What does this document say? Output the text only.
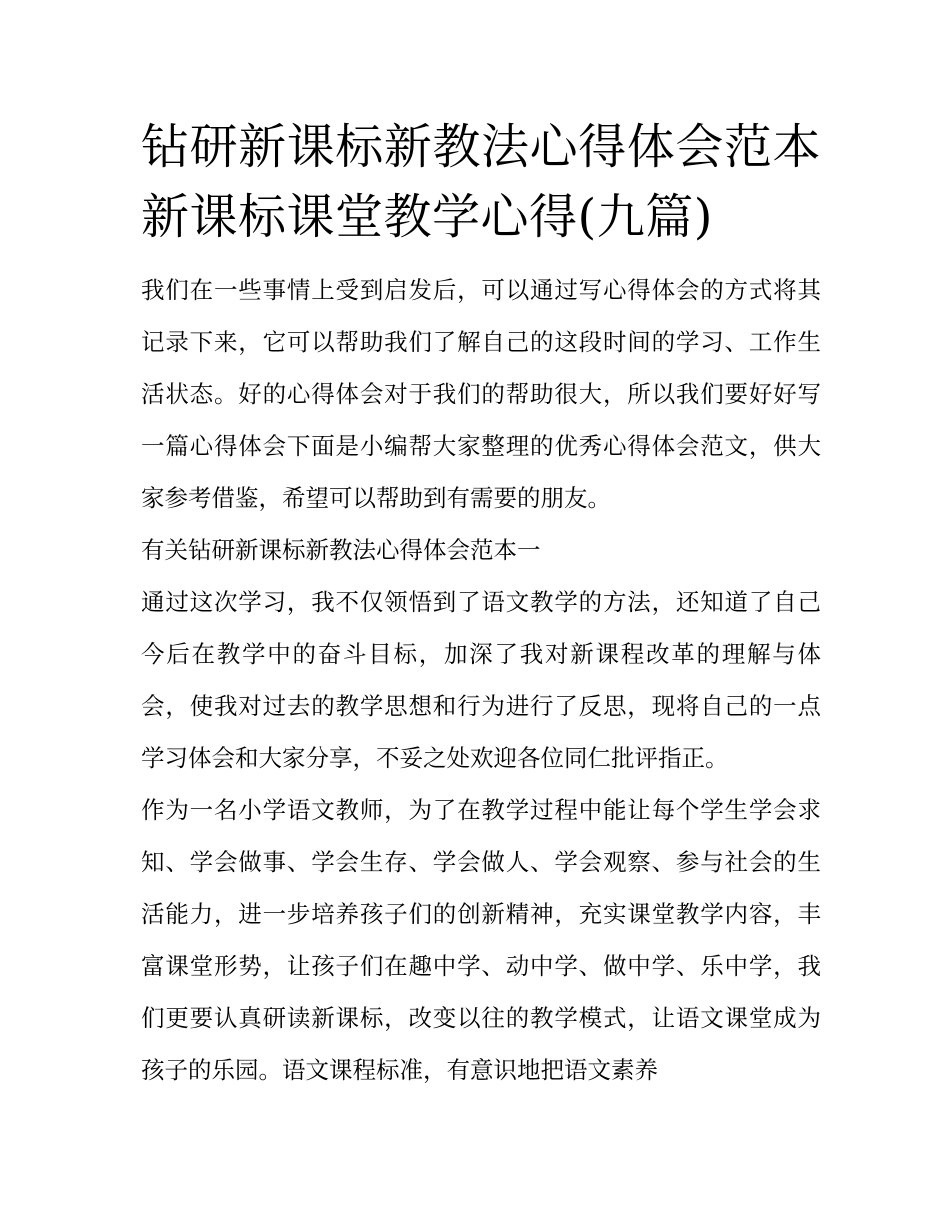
钻研新课标新教法心得体会范本 新课标课堂教学心得(九篇)

我们在一些事情上受到启发后，可以通过写心得体会的方式将其记录下来，它可以帮助我们了解自己的这段时间的学习、工作生活状态。好的心得体会对于我们的帮助很大，所以我们要好好写一篇心得体会下面是小编帮大家整理的优秀心得体会范文，供大家参考借鉴，希望可以帮助到有需要的朋友。

有关钻研新课标新教法心得体会范本一

通过这次学习，我不仅领悟到了语文教学的方法，还知道了自己今后在教学中的奋斗目标，加深了我对新课程改革的理解与体会，使我对过去的教学思想和行为进行了反思，现将自己的一点学习体会和大家分享，不妥之处欢迎各位同仁批评指正。

作为一名小学语文教师，为了在教学过程中能让每个学生学会求知、学会做事、学会生存、学会做人、学会观察、参与社会的生活能力，进一步培养孩子们的创新精神，充实课堂教学内容，丰富课堂形势，让孩子们在趣中学、动中学、做中学、乐中学，我们更要认真研读新课标，改变以往的教学模式，让语文课堂成为孩子的乐园。语文课程标准，有意识地把语文素养
